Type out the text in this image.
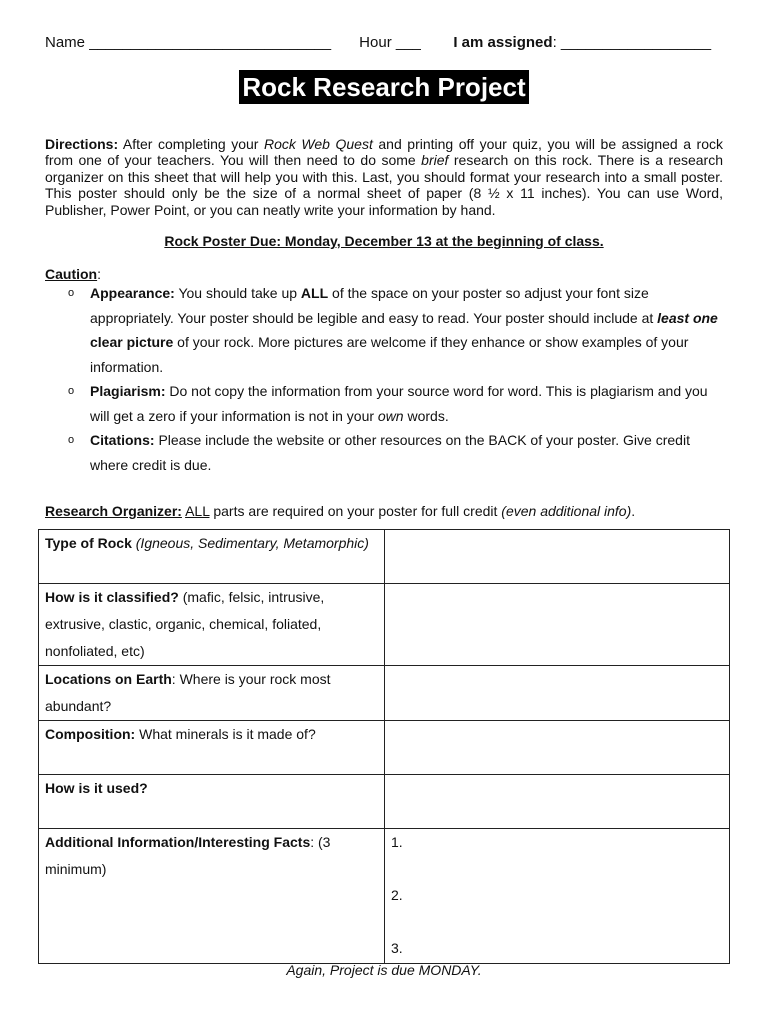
Name _____________________________ Hour ___ I am assigned: __________________
Rock Research Project
Directions: After completing your Rock Web Quest and printing off your quiz, you will be assigned a rock from one of your teachers. You will then need to do some brief research on this rock. There is a research organizer on this sheet that will help you with this. Last, you should format your research into a small poster. This poster should only be the size of a normal sheet of paper (8 ½ x 11 inches). You can use Word, Publisher, Power Point, or you can neatly write your information by hand.
Rock Poster Due: Monday, December 13 at the beginning of class.
Caution:
o Appearance: You should take up ALL of the space on your poster so adjust your font size appropriately. Your poster should be legible and easy to read. Your poster should include at least one clear picture of your rock. More pictures are welcome if they enhance or show examples of your information.
o Plagiarism: Do not copy the information from your source word for word. This is plagiarism and you will get a zero if your information is not in your own words.
o Citations: Please include the website or other resources on the BACK of your poster. Give credit where credit is due.
Research Organizer: ALL parts are required on your poster for full credit (even additional info).
Type of Rock (Igneous, Sedimentary, Metamorphic)	
How is it classified? (mafic, felsic, intrusive, extrusive, clastic, organic, chemical, foliated, nonfoliated, etc)	
Locations on Earth: Where is your rock most abundant?	
Composition: What minerals is it made of?	
How is it used?	
Additional Information/Interesting Facts: (3 minimum)	1.
2.
3.
Again, Project is due MONDAY.
